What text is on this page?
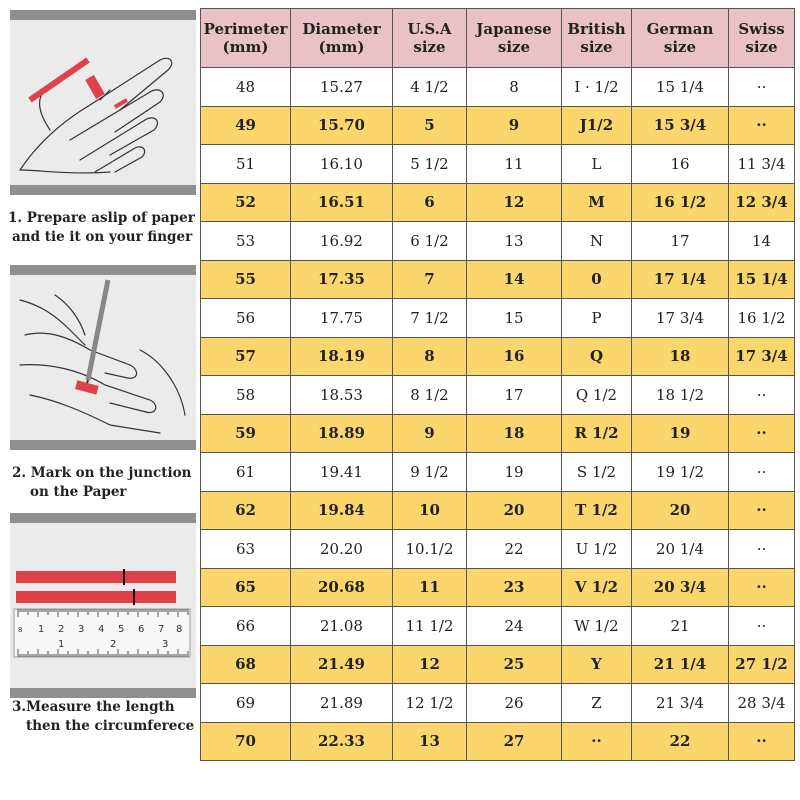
1. Prepare aslip of paper
and tie it on your finger
2. Mark on the junction
on the Paper
8 1 2 3 4 5 6 7 8
1	2	3
3.Measure the length
then the circumferece
Perimeter (mm)	Diameter (mm)	U.S.A size	Japanese size	British size	German size	Swiss size
48	15.27	4 1/2	8	I · 1/2	15 1/4	··
49	15.70	5	9	J1/2	15 3/4	··
51	16.10	5 1/2	11	L	16	11 3/4
52	16.51	6	12	M	16 1/2	12 3/4
53	16.92	6 1/2	13	N	17	14
55	17.35	7	14	0	17 1/4	15 1/4
56	17.75	7 1/2	15	P	17 3/4	16 1/2
57	18.19	8	16	Q	18	17 3/4
58	18.53	8 1/2	17	Q 1/2	18 1/2	··
59	18.89	9	18	R 1/2	19	··
61	19.41	9 1/2	19	S 1/2	19 1/2	··
62	19.84	10	20	T 1/2	20	··
63	20.20	10.1/2	22	U 1/2	20 1/4	··
65	20.68	11	23	V 1/2	20 3/4	··
66	21.08	11 1/2	24	W 1/2	21	··
68	21.49	12	25	Y	21 1/4	27 1/2
69	21.89	12 1/2	26	Z	21 3/4	28 3/4
70	22.33	13	27	··	22	··
